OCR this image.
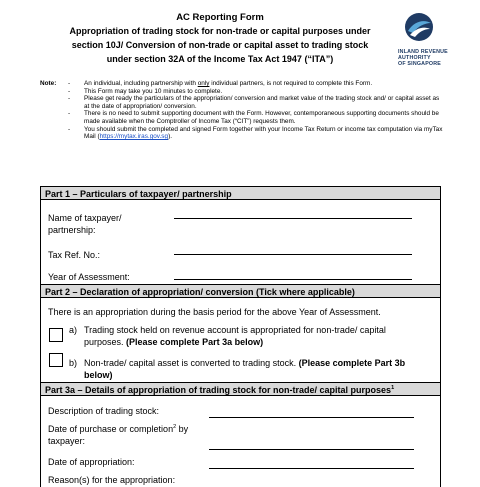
AC Reporting Form
Appropriation of trading stock for non-trade or capital purposes under
section 10J/ Conversion of non-trade or capital asset to trading stock
under section 32A of the Income Tax Act 1947 (“ITA”)
INLAND REVENUE
AUTHORITY
OF SINGAPORE
Note: - An individual, including partnership with only individual partners, is not required to complete this Form.
- This Form may take you 10 minutes to complete.
- Please get ready the particulars of the appropriation/ conversion and market value of the trading stock and/ or capital asset as at the date of appropriation/ conversion.
- There is no need to submit supporting document with the Form. However, contemporaneous supporting documents should be made available when the Comptroller of Income Tax (“CIT”) requests them.
- You should submit the completed and signed Form together with your Income Tax Return or income tax computation via myTax Mail (https://mytax.iras.gov.sg).
Part 1 – Particulars of taxpayer/ partnership
Name of taxpayer/
partnership:
Tax Ref. No.:
Year of Assessment:
Part 2 – Declaration of appropriation/ conversion (Tick where applicable)
There is an appropriation during the basis period for the above Year of Assessment.
a) Trading stock held on revenue account is appropriated for non-trade/ capital
purposes. (Please complete Part 3a below)
b) Non-trade/ capital asset is converted to trading stock. (Please complete Part 3b
below)
Part 3a – Details of appropriation of trading stock for non-trade/ capital purposes$^1$
Description of trading stock:
Date of purchase or completion$^2$ by
taxpayer:
Date of appropriation:
Reason(s) for the appropriation:
